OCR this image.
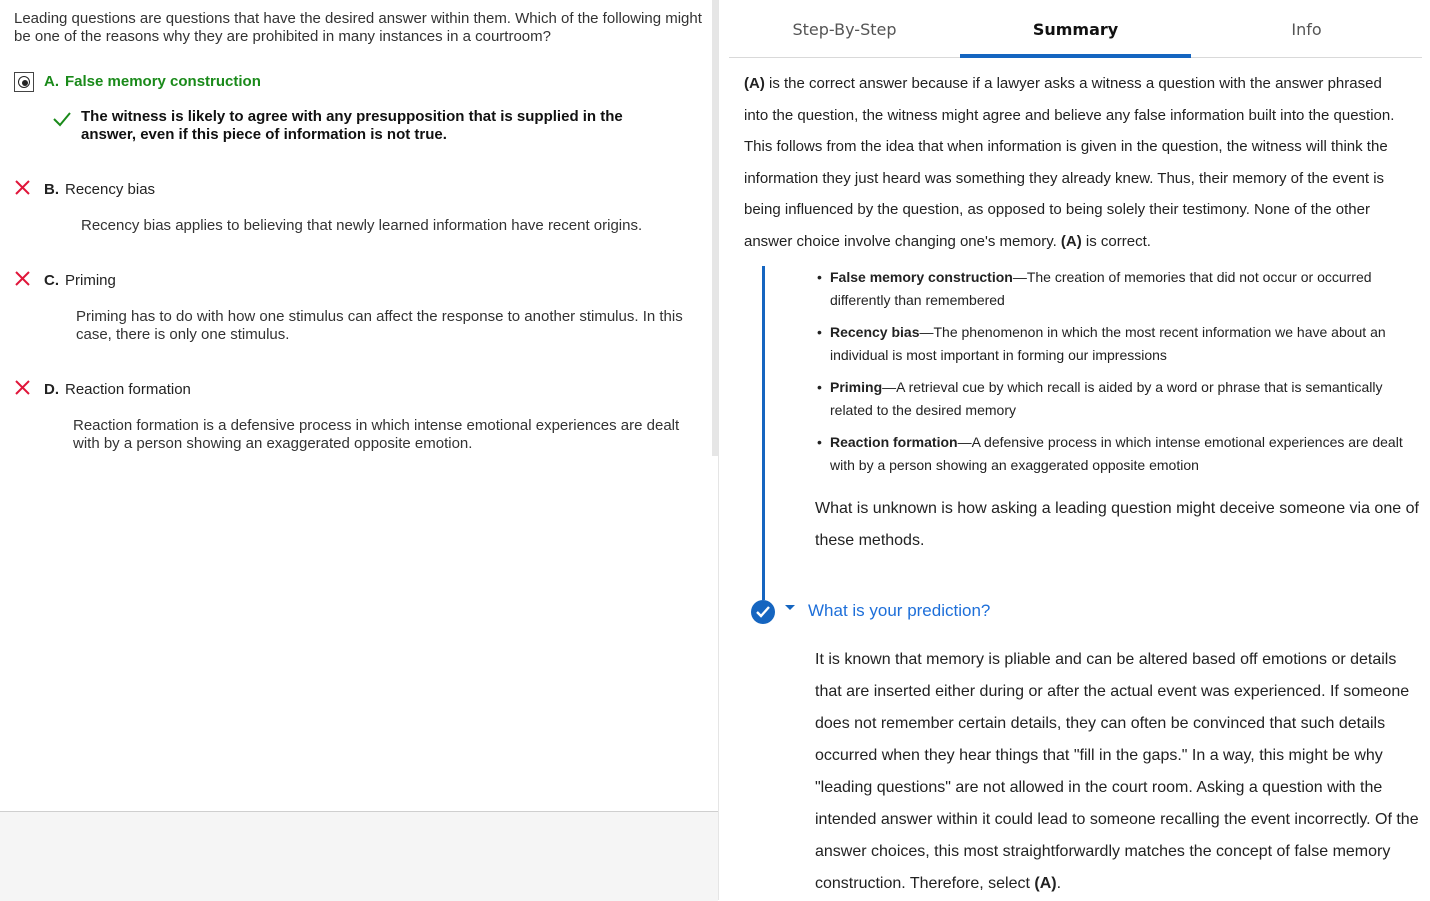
Leading questions are questions that have the desired answer within them. Which of the following might be one of the reasons why they are prohibited in many instances in a courtroom?

A. False memory construction

The witness is likely to agree with any presupposition that is supplied in the answer, even if this piece of information is not true.

B. Recency bias

Recency bias applies to believing that newly learned information have recent origins.

C. Priming

Priming has to do with how one stimulus can affect the response to another stimulus. In this case, there is only one stimulus.

D. Reaction formation

Reaction formation is a defensive process in which intense emotional experiences are dealt with by a person showing an exaggerated opposite emotion.

Step-By-Step	Summary	Info

(A) is the correct answer because if a lawyer asks a witness a question with the answer phrased into the question, the witness might agree and believe any false information built into the question. This follows from the idea that when information is given in the question, the witness will think the information they just heard was something they already knew. Thus, their memory of the event is being influenced by the question, as opposed to being solely their testimony. None of the other answer choice involve changing one's memory. (A) is correct.

• False memory construction—The creation of memories that did not occur or occurred differently than remembered
• Recency bias—The phenomenon in which the most recent information we have about an individual is most important in forming our impressions
• Priming—A retrieval cue by which recall is aided by a word or phrase that is semantically related to the desired memory
• Reaction formation—A defensive process in which intense emotional experiences are dealt with by a person showing an exaggerated opposite emotion

What is unknown is how asking a leading question might deceive someone via one of these methods.

What is your prediction?

It is known that memory is pliable and can be altered based off emotions or details that are inserted either during or after the actual event was experienced. If someone does not remember certain details, they can often be convinced that such details occurred when they hear things that "fill in the gaps." In a way, this might be why "leading questions" are not allowed in the court room. Asking a question with the intended answer within it could lead to someone recalling the event incorrectly. Of the answer choices, this most straightforwardly matches the concept of false memory construction. Therefore, select (A).
